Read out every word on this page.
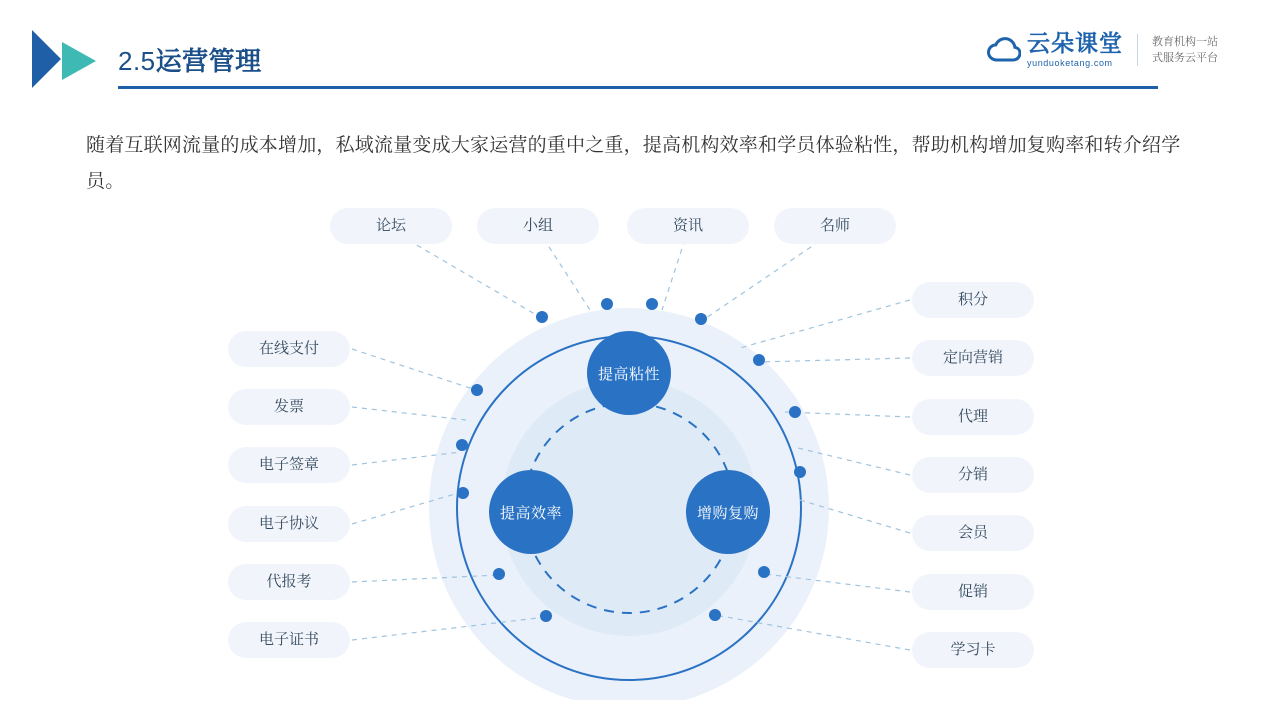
2.5运营管理
云朵课堂
yunduoketang.com
教育机构一站
式服务云平台
随着互联网流量的成本增加，私域流量变成大家运营的重中之重，提高机构效率和学员体验粘性，帮助机构增加复购率和转介绍学员。
提高粘性
提高效率	增购复购
论坛	小组	资讯	名师
在线支付
发票
电子签章
电子协议
代报考
电子证书
积分
定向营销
代理
分销
会员
促销
学习卡
